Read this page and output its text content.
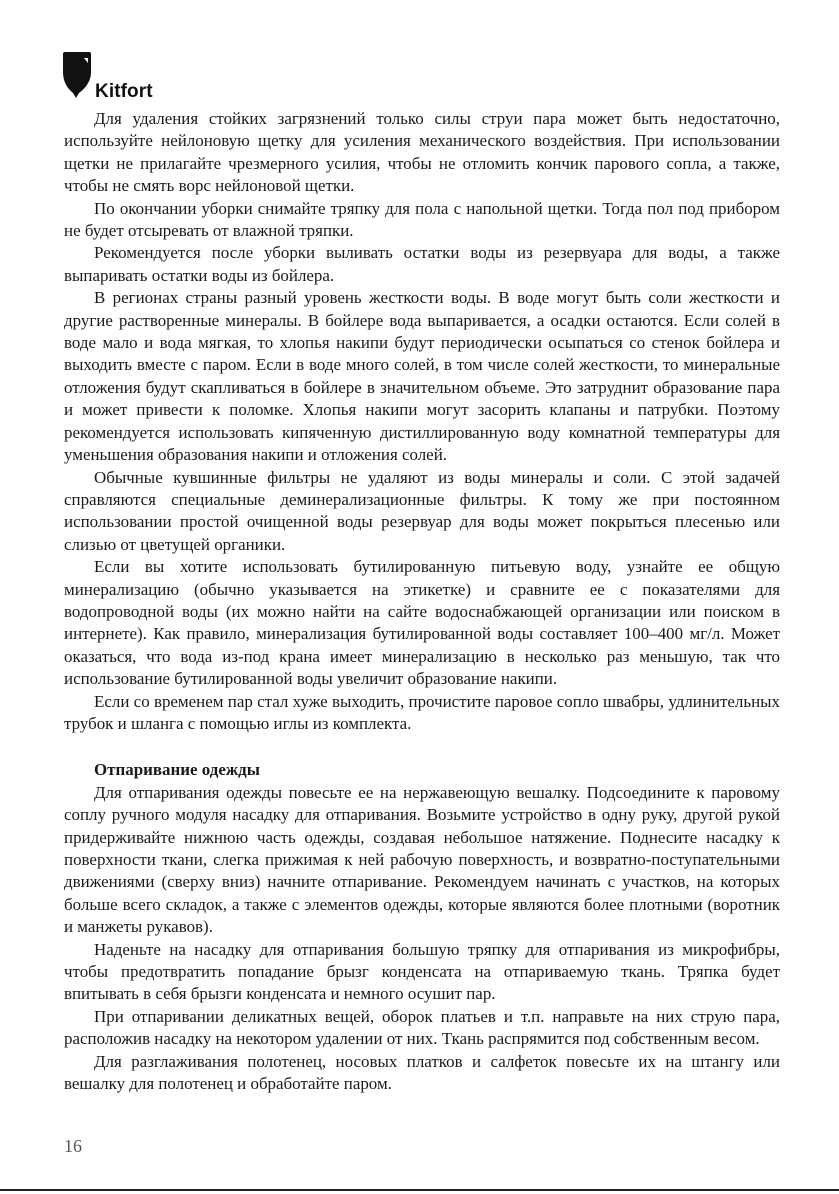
Kitfort

Для удаления стойких загрязнений только силы струи пара может быть недостаточно, используйте нейлоновую щетку для усиления механического воздействия. При использовании щетки не прилагайте чрезмерного усилия, чтобы не отломить кончик парового сопла, а также, чтобы не смять ворс нейлоновой щетки.

По окончании уборки снимайте тряпку для пола с напольной щетки. Тогда пол под прибором не будет отсыревать от влажной тряпки.

Рекомендуется после уборки выливать остатки воды из резервуара для воды, а также выпаривать остатки воды из бойлера.

В регионах страны разный уровень жесткости воды. В воде могут быть соли жесткости и другие растворенные минералы. В бойлере вода выпаривается, а осадки остаются. Если солей в воде мало и вода мягкая, то хлопья накипи будут периодически осыпаться со стенок бойлера и выходить вместе с паром. Если в воде много солей, в том числе солей жесткости, то минеральные отложения будут скапливаться в бойлере в значительном объеме. Это затруднит образование пара и может привести к поломке. Хлопья накипи могут засорить клапаны и патрубки. Поэтому рекомендуется использовать кипяченную дистиллированную воду комнатной температуры для уменьшения образования накипи и отложения солей.

Обычные кувшинные фильтры не удаляют из воды минералы и соли. С этой задачей справляются специальные деминерализационные фильтры. К тому же при постоянном использовании простой очищенной воды резервуар для воды может покрыться плесенью или слизью от цветущей органики.

Если вы хотите использовать бутилированную питьевую воду, узнайте ее общую минерализацию (обычно указывается на этикетке) и сравните ее с показателями для водопроводной воды (их можно найти на сайте водоснабжающей организации или поиском в интернете). Как правило, минерализация бутилированной воды составляет 100–400 мг/л. Может оказаться, что вода из-под крана имеет минерализацию в несколько раз меньшую, так что использование бутилированной воды увеличит образование накипи.

Если со временем пар стал хуже выходить, прочистите паровое сопло швабры, удлинительных трубок и шланга с помощью иглы из комплекта.

Отпаривание одежды

Для отпаривания одежды повесьте ее на нержавеющую вешалку. Подсоедините к паровому соплу ручного модуля насадку для отпаривания. Возьмите устройство в одну руку, другой рукой придерживайте нижнюю часть одежды, создавая небольшое натяжение. Поднесите насадку к поверхности ткани, слегка прижимая к ней рабочую поверхность, и возвратно-поступательными движениями (сверху вниз) начните отпаривание. Рекомендуем начинать с участков, на которых больше всего складок, а также с элементов одежды, которые являются более плотными (воротник и манжеты рукавов).

Наденьте на насадку для отпаривания большую тряпку для отпаривания из микрофибры, чтобы предотвратить попадание брызг конденсата на отпариваемую ткань. Тряпка будет впитывать в себя брызги конденсата и немного осушит пар.

При отпаривании деликатных вещей, оборок платьев и т.п. направьте на них струю пара, расположив насадку на некотором удалении от них. Ткань распрямится под собственным весом.

Для разглаживания полотенец, носовых платков и салфеток повесьте их на штангу или вешалку для полотенец и обработайте паром.

16
